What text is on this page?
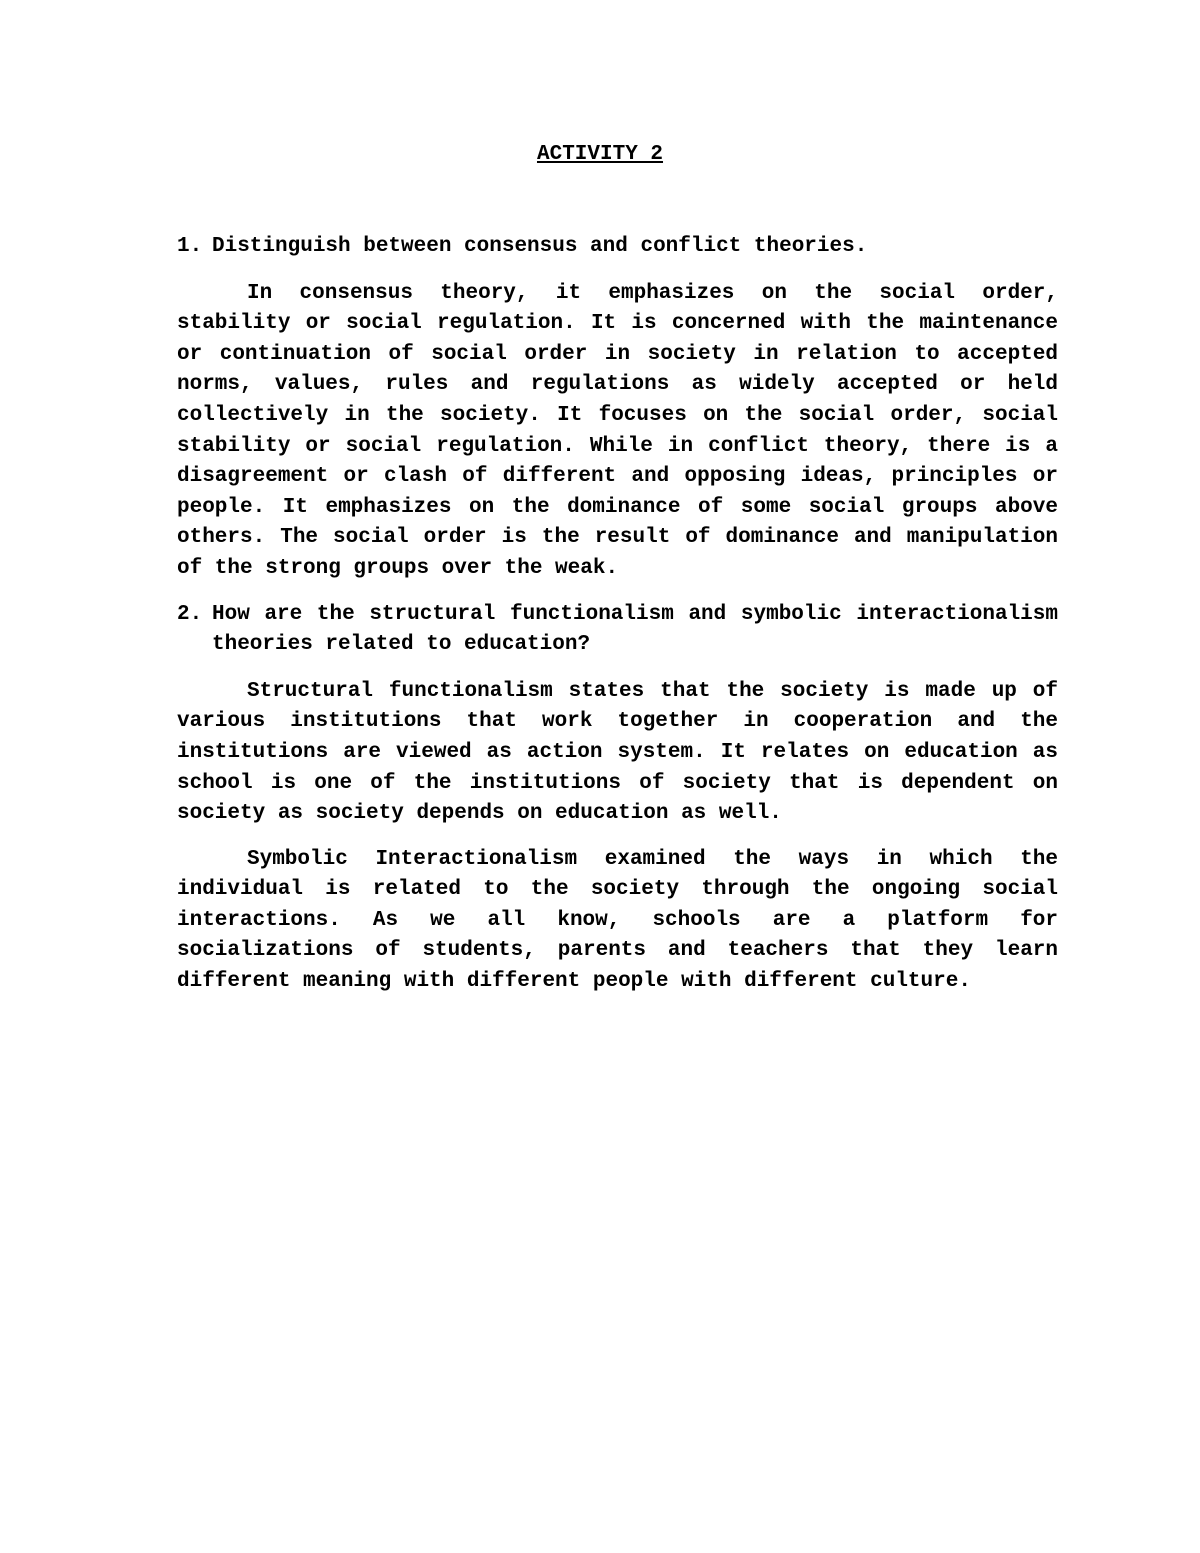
ACTIVITY 2
1. Distinguish between consensus and conflict theories.

In consensus theory, it emphasizes on the social order, stability or social regulation. It is concerned with the maintenance or continuation of social order in society in relation to accepted norms, values, rules and regulations as widely accepted or held collectively in the society. It focuses on the social order, social stability or social regulation. While in conflict theory, there is a disagreement or clash of different and opposing ideas, principles or people. It emphasizes on the dominance of some social groups above others. The social order is the result of dominance and manipulation of the strong groups over the weak.

2. How are the structural functionalism and symbolic interactionalism theories related to education?

Structural functionalism states that the society is made up of various institutions that work together in cooperation and the institutions are viewed as action system. It relates on education as school is one of the institutions of society that is dependent on society as society depends on education as well.

Symbolic Interactionalism examined the ways in which the individual is related to the society through the ongoing social interactions. As we all know, schools are a platform for socializations of students, parents and teachers that they learn different meaning with different people with different culture.
